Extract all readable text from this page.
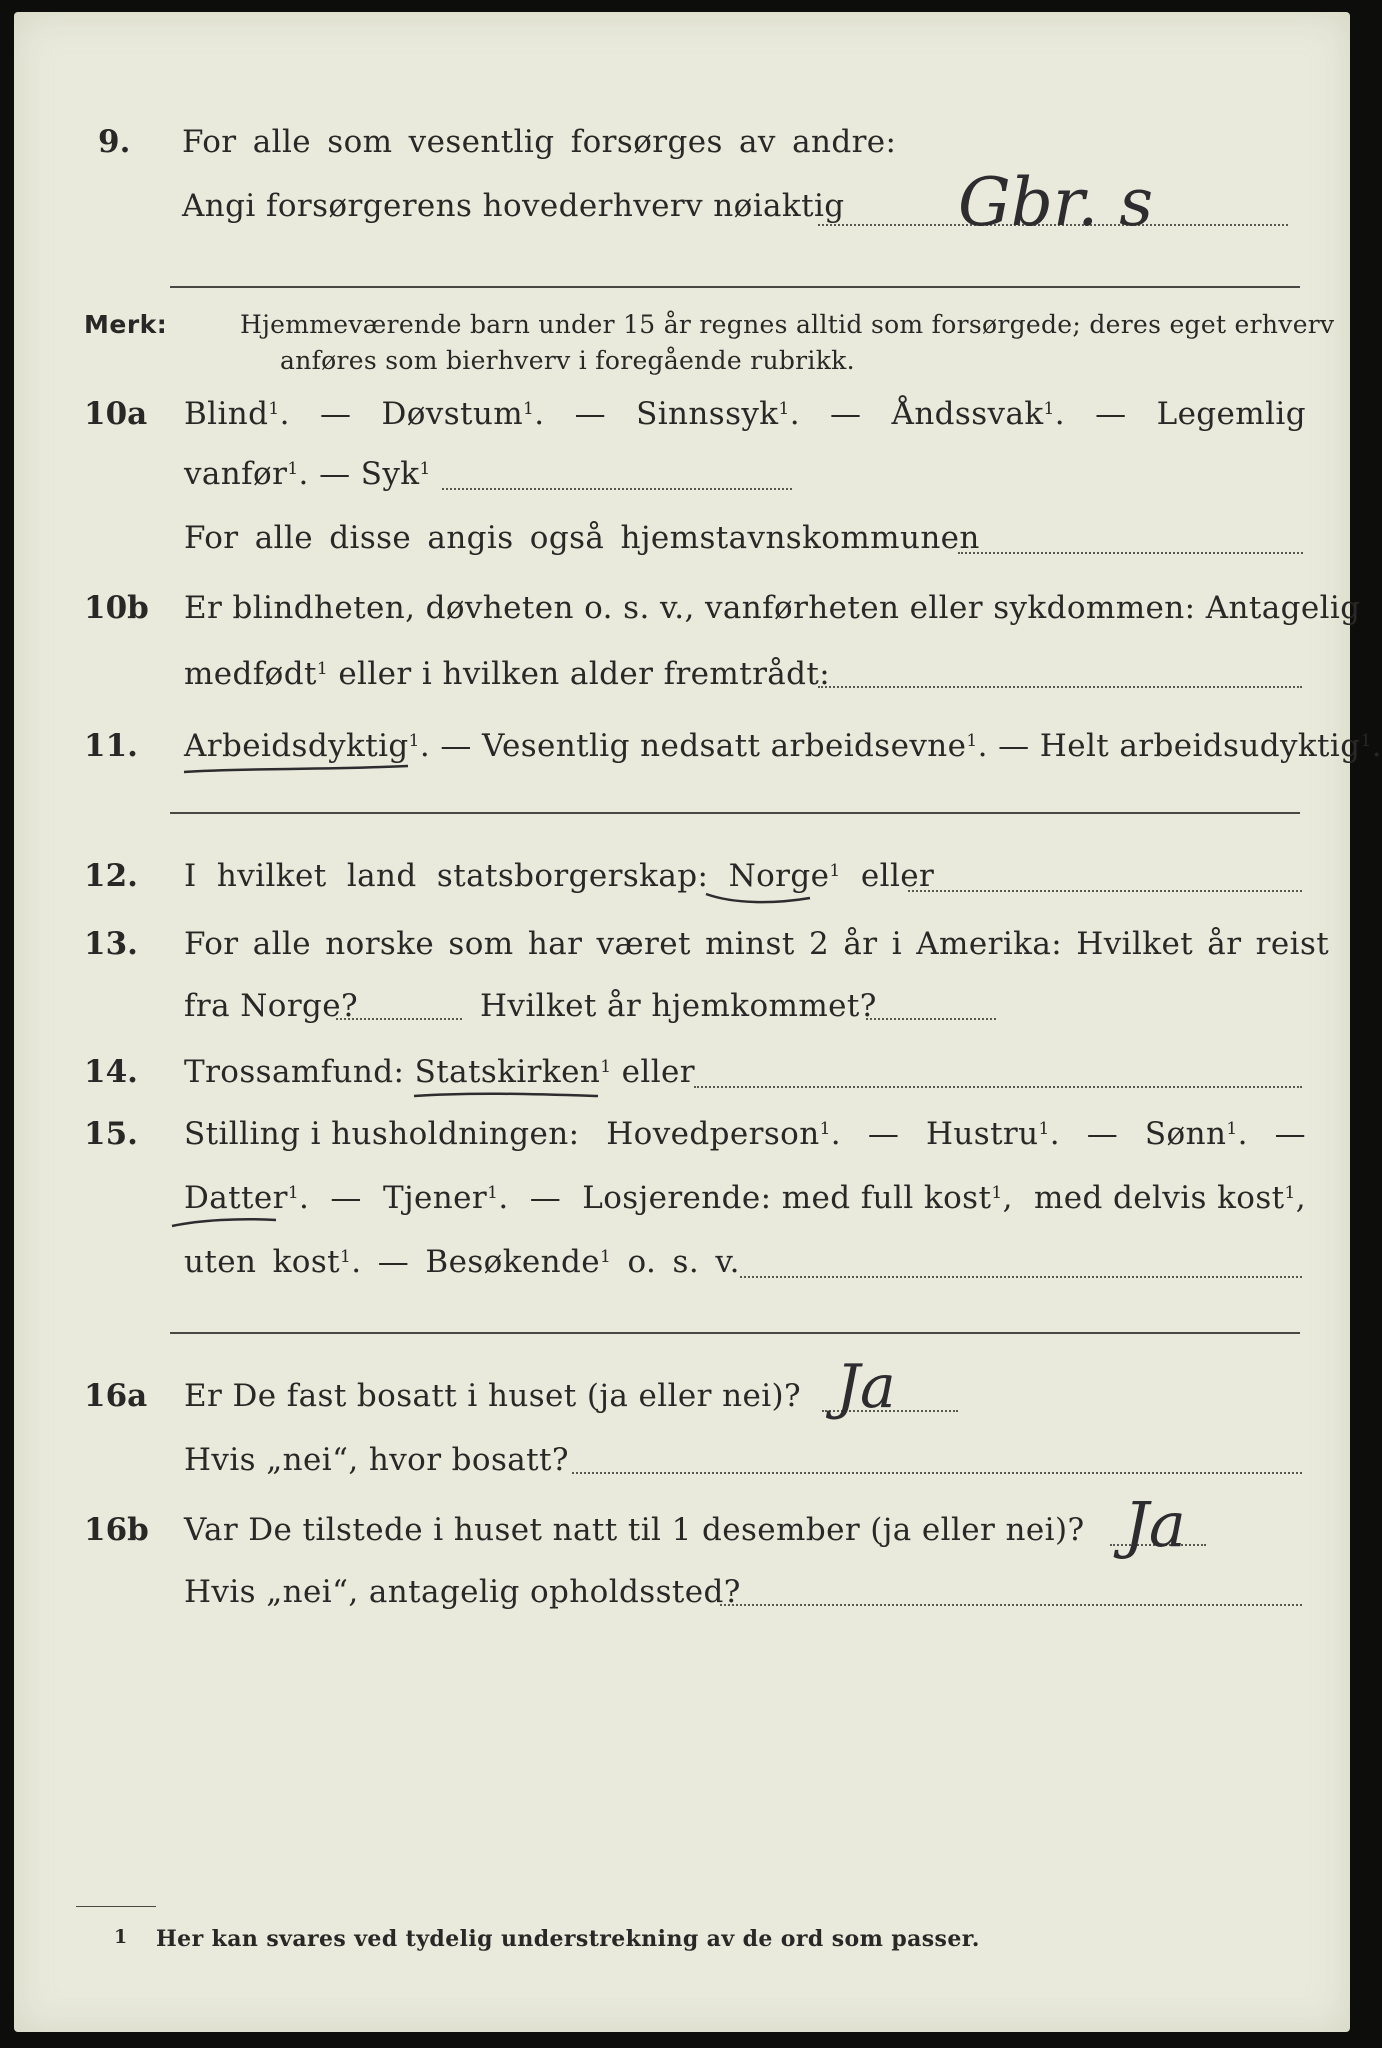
9. For alle som vesentlig forsørges av andre:
Angi forsørgerens hovederhverv nøiaktig Gbr. s
Merk:	Hjemmeværende barn under 15 år regnes alltid som forsørgede; deres eget erhverv
anføres som bierhverv i foregående rubrikk.
10a Blind$^1$. — Døvstum$^1$. — Sinnssyk$^1$. — Åndssvak$^1$. — Legemlig
vanfør$^1$. — Syk$^1$
For alle disse angis også hjemstavnskommunen
10b Er blindheten, døvheten o. s. v., vanførheten eller sykdommen: Antagelig
medfødt$^1$ eller i hvilken alder fremtrådt:
11. Arbeidsdyktig$^1$. — Vesentlig nedsatt arbeidsevne$^1$. — Helt arbeidsudyktig$^1$.
12. I hvilket land statsborgerskap: Norge$^1$ eller
13. For alle norske som har været minst 2 år i Amerika: Hvilket år reist
fra Norge?	Hvilket år hjemkommet?
14. Trossamfund: Statskirken$^1$ eller
15. Stilling i husholdningen: Hovedperson$^1$. — Hustru$^1$. — Sønn$^1$. —
Datter$^1$. — Tjener$^1$. — Losjerende: med full kost$^1$, med delvis kost$^1$,
uten kost$^1$. — Besøkende$^1$ o. s. v.
16a Er De fast bosatt i huset (ja eller nei)? Ja
Hvis „nei“, hvor bosatt?
16b Var De tilstede i huset natt til 1 desember (ja eller nei)? Ja
Hvis „nei“, antagelig opholdssted?
1 Her kan svares ved tydelig understrekning av de ord som passer.
